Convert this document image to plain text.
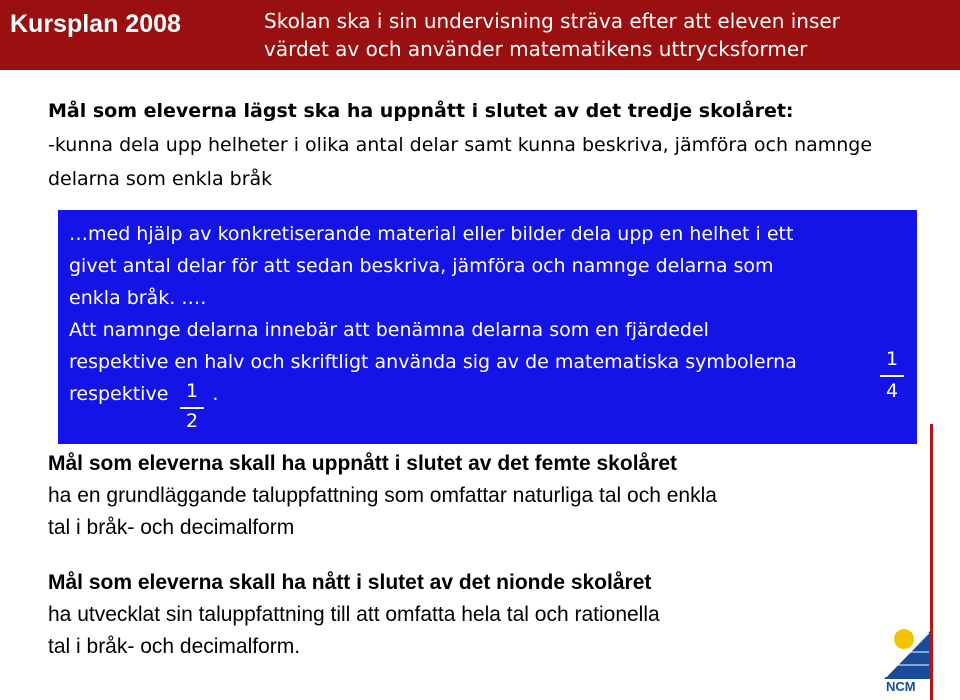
Kursplan 2008	Skolan ska i sin undervisning sträva efter att eleven inser
värdet av och använder matematikens uttrycksformer
Mål som eleverna lägst ska ha uppnått i slutet av det tredje skolåret:
-kunna dela upp helheter i olika antal delar samt kunna beskriva, jämföra och namnge
delarna som enkla bråk
…med hjälp av konkretiserande material eller bilder dela upp en helhet i ett
givet antal delar för att sedan beskriva, jämföra och namnge delarna som
enkla bråk. ….
Att namnge delarna innebär att benämna delarna som en fjärdedel
respektive en halv och skriftligt använda sig av de matematiska symbolerna
respektive .
1
4
1
2
Mål som eleverna skall ha uppnått i slutet av det femte skolåret
ha en grundläggande taluppfattning som omfattar naturliga tal och enkla
tal i bråk- och decimalform
Mål som eleverna skall ha nått i slutet av det nionde skolåret
ha utvecklat sin taluppfattning till att omfatta hela tal och rationella
tal i bråk- och decimalform.
NCM
